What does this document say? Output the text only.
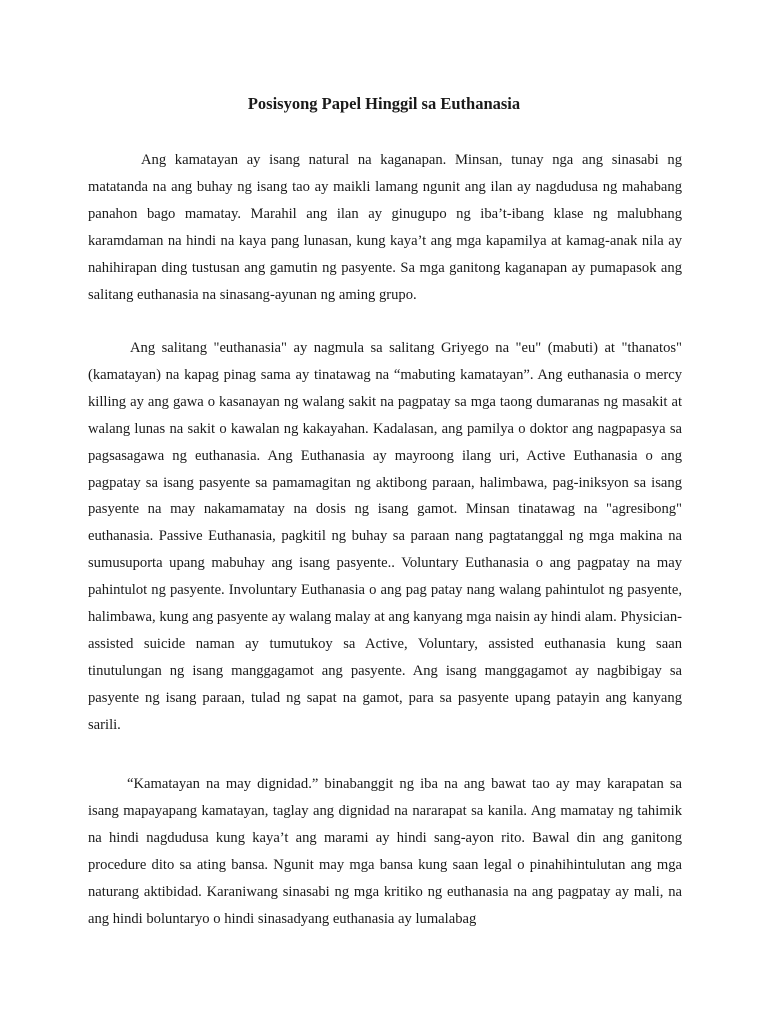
Posisyong Papel Hinggil sa Euthanasia

Ang kamatayan ay isang natural na kaganapan. Minsan, tunay nga ang sinasabi ng matatanda na ang buhay ng isang tao ay maikli lamang ngunit ang ilan ay nagdudusa ng mahabang panahon bago mamatay. Marahil ang ilan ay ginugupo ng iba’t-ibang klase ng malubhang karamdaman na hindi na kaya pang lunasan, kung kaya’t ang mga kapamilya at kamag-anak nila ay nahihirapan ding tustusan ang gamutin ng pasyente. Sa mga ganitong kaganapan ay pumapasok ang salitang euthanasia na sinasang-ayunan ng aming grupo.

Ang salitang "euthanasia" ay nagmula sa salitang Griyego na "eu" (mabuti) at "thanatos" (kamatayan) na kapag pinag sama ay tinatawag na “mabuting kamatayan”. Ang euthanasia o mercy killing ay ang gawa o kasanayan ng walang sakit na pagpatay sa mga taong dumaranas ng masakit at walang lunas na sakit o kawalan ng kakayahan. Kadalasan, ang pamilya o doktor ang nagpapasya sa pagsasagawa ng euthanasia. Ang Euthanasia ay mayroong ilang uri, Active Euthanasia o ang pagpatay sa isang pasyente sa pamamagitan ng aktibong paraan, halimbawa, pag-iniksyon sa isang pasyente na may nakamamatay na dosis ng isang gamot. Minsan tinatawag na "agresibong" euthanasia. Passive Euthanasia, pagkitil ng buhay sa paraan nang pagtatanggal ng mga makina na sumusuporta upang mabuhay ang isang pasyente.. Voluntary Euthanasia o ang pagpatay na may pahintulot ng pasyente. Involuntary Euthanasia o ang pag patay nang walang pahintulot ng pasyente, halimbawa, kung ang pasyente ay walang malay at ang kanyang mga naisin ay hindi alam. Physician-assisted suicide naman ay tumutukoy sa Active, Voluntary, assisted euthanasia kung saan tinutulungan ng isang manggagamot ang pasyente. Ang isang manggagamot ay nagbibigay sa pasyente ng isang paraan, tulad ng sapat na gamot, para sa pasyente upang patayin ang kanyang sarili.

“Kamatayan na may dignidad.” binabanggit ng iba na ang bawat tao ay may karapatan sa isang mapayapang kamatayan, taglay ang dignidad na nararapat sa kanila. Ang mamatay ng tahimik na hindi nagdudusa kung kaya’t ang marami ay hindi sang-ayon rito. Bawal din ang ganitong procedure dito sa ating bansa. Ngunit may mga bansa kung saan legal o pinahihintulutan ang mga naturang aktibidad. Karaniwang sinasabi ng mga kritiko ng euthanasia na ang pagpatay ay mali, na ang hindi boluntaryo o hindi sinasadyang euthanasia ay lumalabag
